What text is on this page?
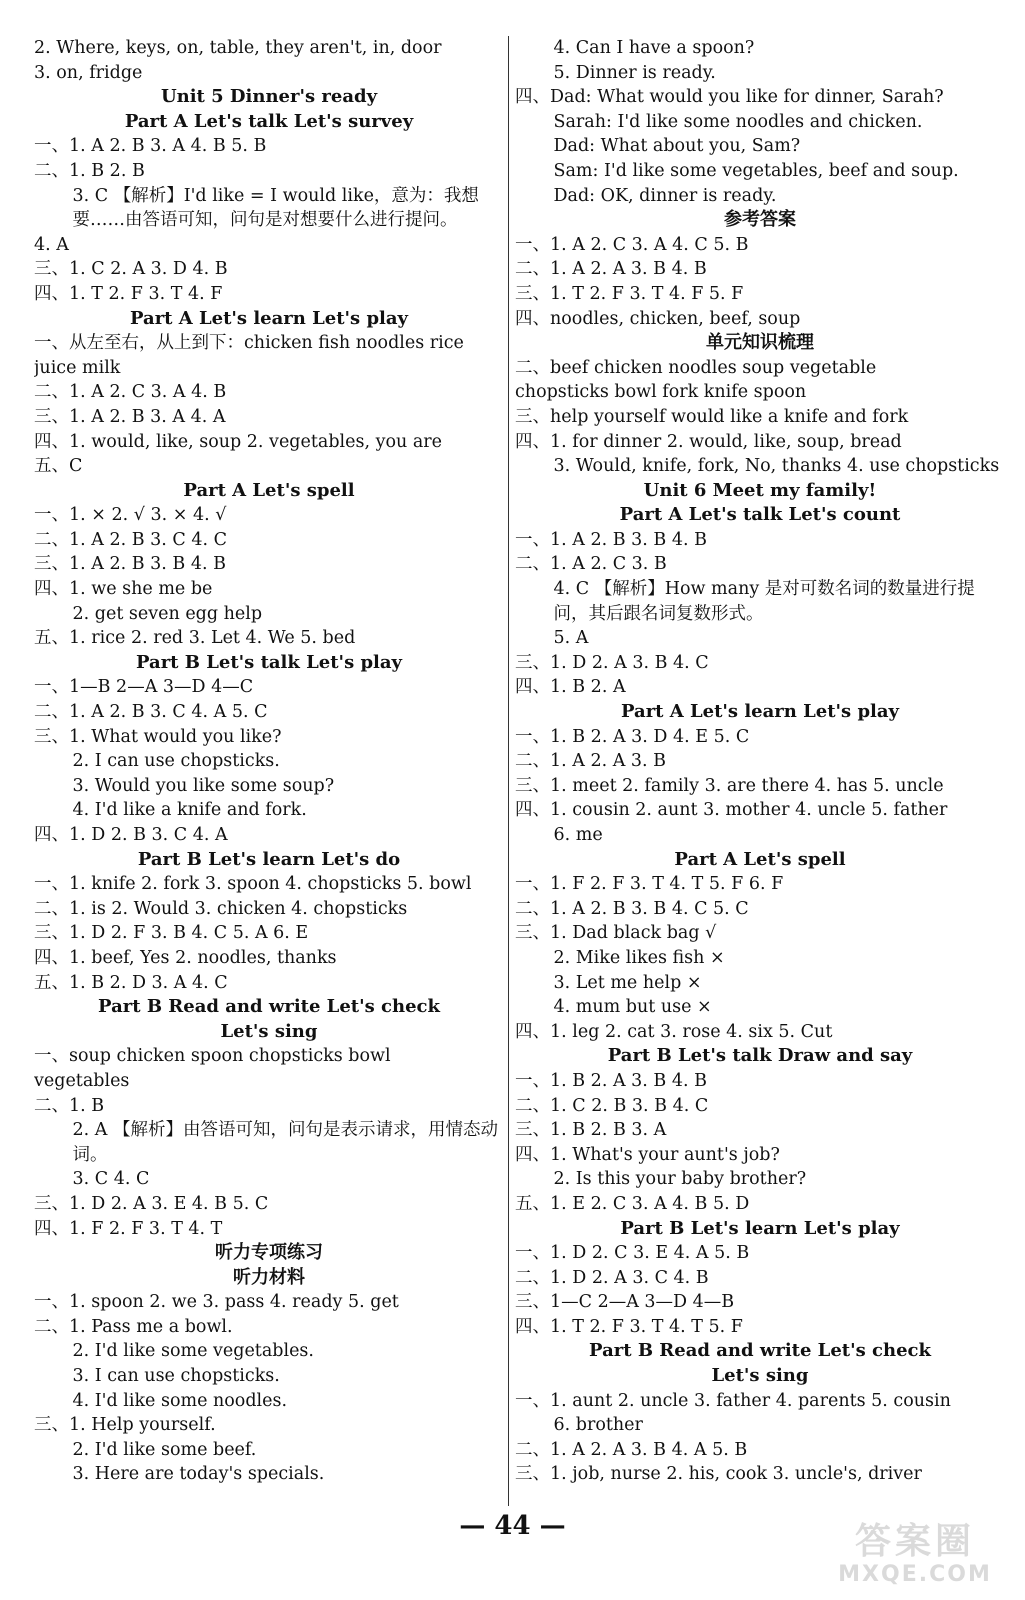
2. Where, keys, on, table, they aren't, in, door
3. on, fridge
Unit 5 Dinner's ready
Part A Let's talk Let's survey
一、1. A 2. B 3. A 4. B 5. B
二、1. B 2. B
3. C 【解析】I'd like = I would like，意为：我想要……由答语可知，问句是对想要什么进行提问。
4. A
三、1. C 2. A 3. D 4. B
四、1. T 2. F 3. T 4. F
Part A Let's learn Let's play
一、从左至右，从上到下：chicken fish noodles rice
juice milk
二、1. A 2. C 3. A 4. B
三、1. A 2. B 3. A 4. A
四、1. would, like, soup 2. vegetables, you are
五、C
Part A Let's spell
一、1. × 2. √ 3. × 4. √
二、1. A 2. B 3. C 4. C
三、1. A 2. B 3. B 4. B
四、1. we she me be
2. get seven egg help
五、1. rice 2. red 3. Let 4. We 5. bed
Part B Let's talk Let's play
一、1—B 2—A 3—D 4—C
二、1. A 2. B 3. C 4. A 5. C
三、1. What would you like?
2. I can use chopsticks.
3. Would you like some soup?
4. I'd like a knife and fork.
四、1. D 2. B 3. C 4. A
Part B Let's learn Let's do
一、1. knife 2. fork 3. spoon 4. chopsticks 5. bowl
二、1. is 2. Would 3. chicken 4. chopsticks
三、1. D 2. F 3. B 4. C 5. A 6. E
四、1. beef, Yes 2. noodles, thanks
五、1. B 2. D 3. A 4. C
Part B Read and write Let's check
Let's sing
一、soup chicken spoon chopsticks bowl
vegetables
二、1. B
2. A 【解析】由答语可知，问句是表示请求，用情态动词。
3. C 4. C
三、1. D 2. A 3. E 4. B 5. C
四、1. F 2. F 3. T 4. T
听力专项练习
听力材料
一、1. spoon 2. we 3. pass 4. ready 5. get
二、1. Pass me a bowl.
2. I'd like some vegetables.
3. I can use chopsticks.
4. I'd like some noodles.
三、1. Help yourself.
2. I'd like some beef.
3. Here are today's specials.
4. Can I have a spoon?
5. Dinner is ready.
四、Dad: What would you like for dinner, Sarah?
Sarah: I'd like some noodles and chicken.
Dad: What about you, Sam?
Sam: I'd like some vegetables, beef and soup.
Dad: OK, dinner is ready.
参考答案
一、1. A 2. C 3. A 4. C 5. B
二、1. A 2. A 3. B 4. B
三、1. T 2. F 3. T 4. F 5. F
四、noodles, chicken, beef, soup
单元知识梳理
二、beef chicken noodles soup vegetable
chopsticks bowl fork knife spoon
三、help yourself would like a knife and fork
四、1. for dinner 2. would, like, soup, bread
3. Would, knife, fork, No, thanks 4. use chopsticks
Unit 6 Meet my family!
Part A Let's talk Let's count
一、1. A 2. B 3. B 4. B
二、1. A 2. C 3. B
4. C 【解析】How many 是对可数名词的数量进行提问，其后跟名词复数形式。
5. A
三、1. D 2. A 3. B 4. C
四、1. B 2. A
Part A Let's learn Let's play
一、1. B 2. A 3. D 4. E 5. C
二、1. A 2. A 3. B
三、1. meet 2. family 3. are there 4. has 5. uncle
四、1. cousin 2. aunt 3. mother 4. uncle 5. father
6. me
Part A Let's spell
一、1. F 2. F 3. T 4. T 5. F 6. F
二、1. A 2. B 3. B 4. C 5. C
三、1. Dad black bag √
2. Mike likes fish ×
3. Let me help ×
4. mum but use ×
四、1. leg 2. cat 3. rose 4. six 5. Cut
Part B Let's talk Draw and say
一、1. B 2. A 3. B 4. B
二、1. C 2. B 3. B 4. C
三、1. B 2. B 3. A
四、1. What's your aunt's job?
2. Is this your baby brother?
五、1. E 2. C 3. A 4. B 5. D
Part B Let's learn Let's play
一、1. D 2. C 3. E 4. A 5. B
二、1. D 2. A 3. C 4. B
三、1—C 2—A 3—D 4—B
四、1. T 2. F 3. T 4. T 5. F
Part B Read and write Let's check
Let's sing
一、1. aunt 2. uncle 3. father 4. parents 5. cousin
6. brother
二、1. A 2. A 3. B 4. A 5. B
三、1. job, nurse 2. his, cook 3. uncle's, driver
— 44 —	答案圈
MXQE.COM
